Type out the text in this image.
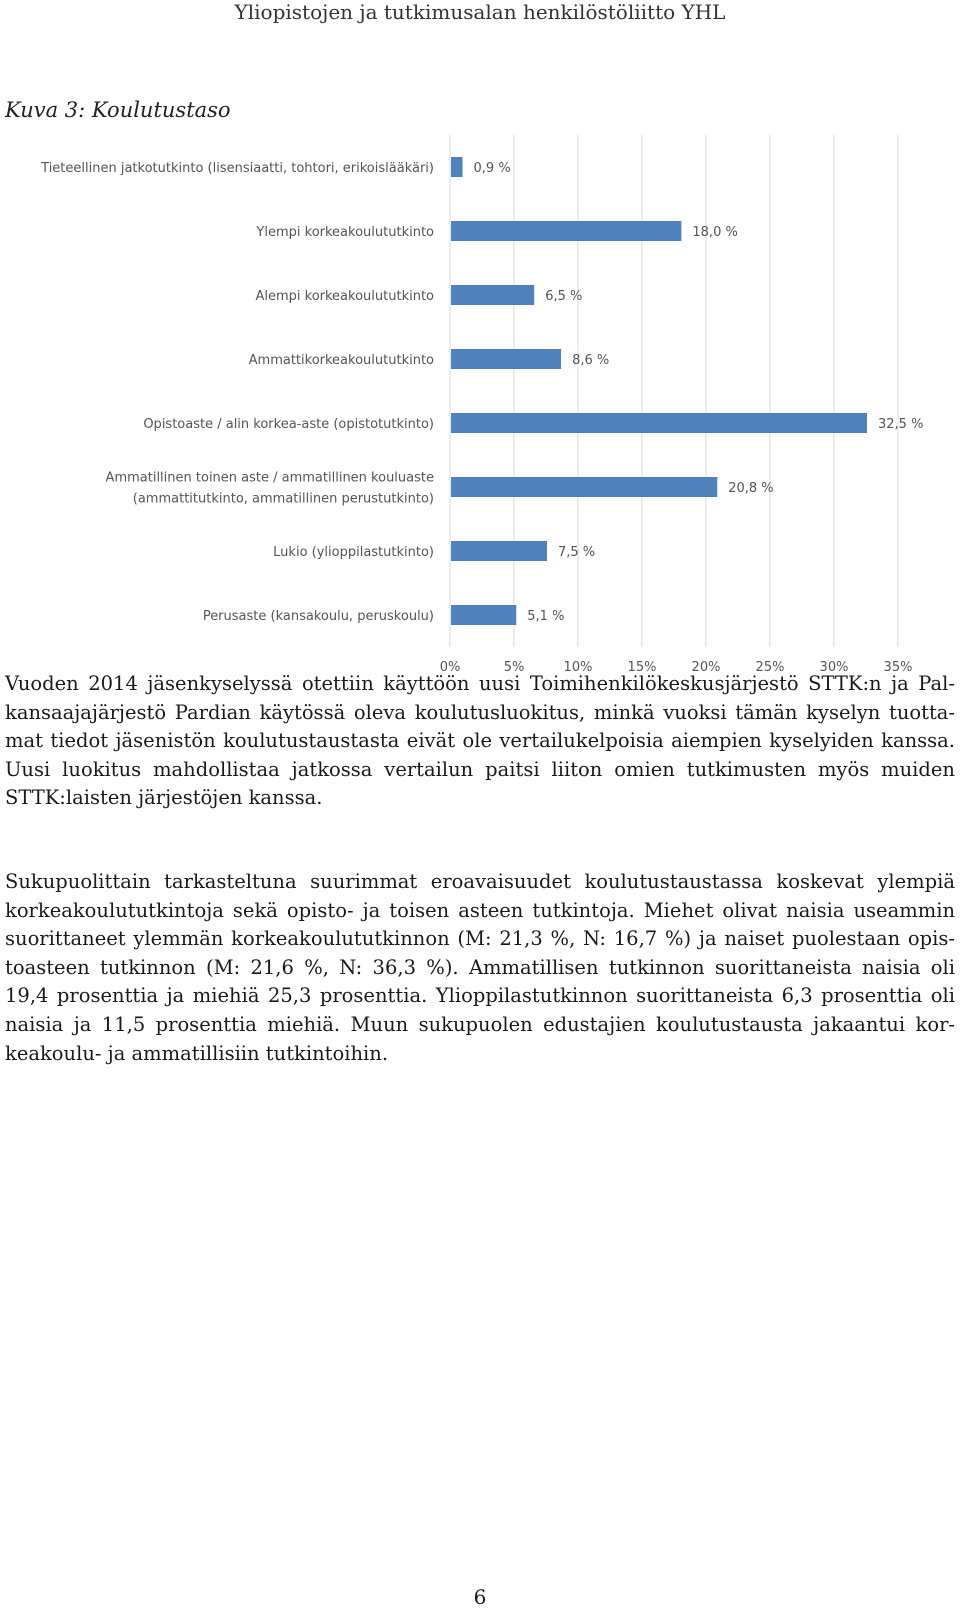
Yliopistojen ja tutkimusalan henkilöstöliitto YHL
Kuva 3: Koulutustaso
0%	5%	10%	15%	20%	25%	30%	35%
Tieteellinen jatkotutkinto (lisensiaatti, tohtori, erikoislääkäri)	0,9 %
Ylempi korkeakoulututkinto	18,0 %
Alempi korkeakoulututkinto	6,5 %
Ammattikorkeakoulututkinto	8,6 %
Opistoaste / alin korkea-aste (opistotutkinto)	32,5 %
Ammatillinen toinen aste / ammatillinen kouluaste
(ammattitutkinto, ammatillinen perustutkinto)
20,8 %
Lukio (ylioppilastutkinto)	7,5 %
Perusaste (kansakoulu, peruskoulu)	5,1 %
Vuoden 2014 jäsenkyselyssä otettiin käyttöön uusi Toimihenkilökeskusjärjestö STTK:n ja Pal-
kansaajajärjestö Pardian käytössä oleva koulutusluokitus, minkä vuoksi tämän kyselyn tuotta-
mat tiedot jäsenistön koulutustaustasta eivät ole vertailukelpoisia aiempien kyselyiden kanssa.
Uusi luokitus mahdollistaa jatkossa vertailun paitsi liiton omien tutkimusten myös muiden
STTK:laisten järjestöjen kanssa.
Sukupuolittain tarkasteltuna suurimmat eroavaisuudet koulutustaustassa koskevat ylempiä
korkeakoulututkintoja sekä opisto- ja toisen asteen tutkintoja. Miehet olivat naisia useammin
suorittaneet ylemmän korkeakoulututkinnon (M: 21,3 %, N: 16,7 %) ja naiset puolestaan opis-
toasteen tutkinnon (M: 21,6 %, N: 36,3 %). Ammatillisen tutkinnon suorittaneista naisia oli
19,4 prosenttia ja miehiä 25,3 prosenttia. Ylioppilastutkinnon suorittaneista 6,3 prosenttia oli
naisia ja 11,5 prosenttia miehiä. Muun sukupuolen edustajien koulutustausta jakaantui kor-
keakoulu- ja ammatillisiin tutkintoihin.
6
